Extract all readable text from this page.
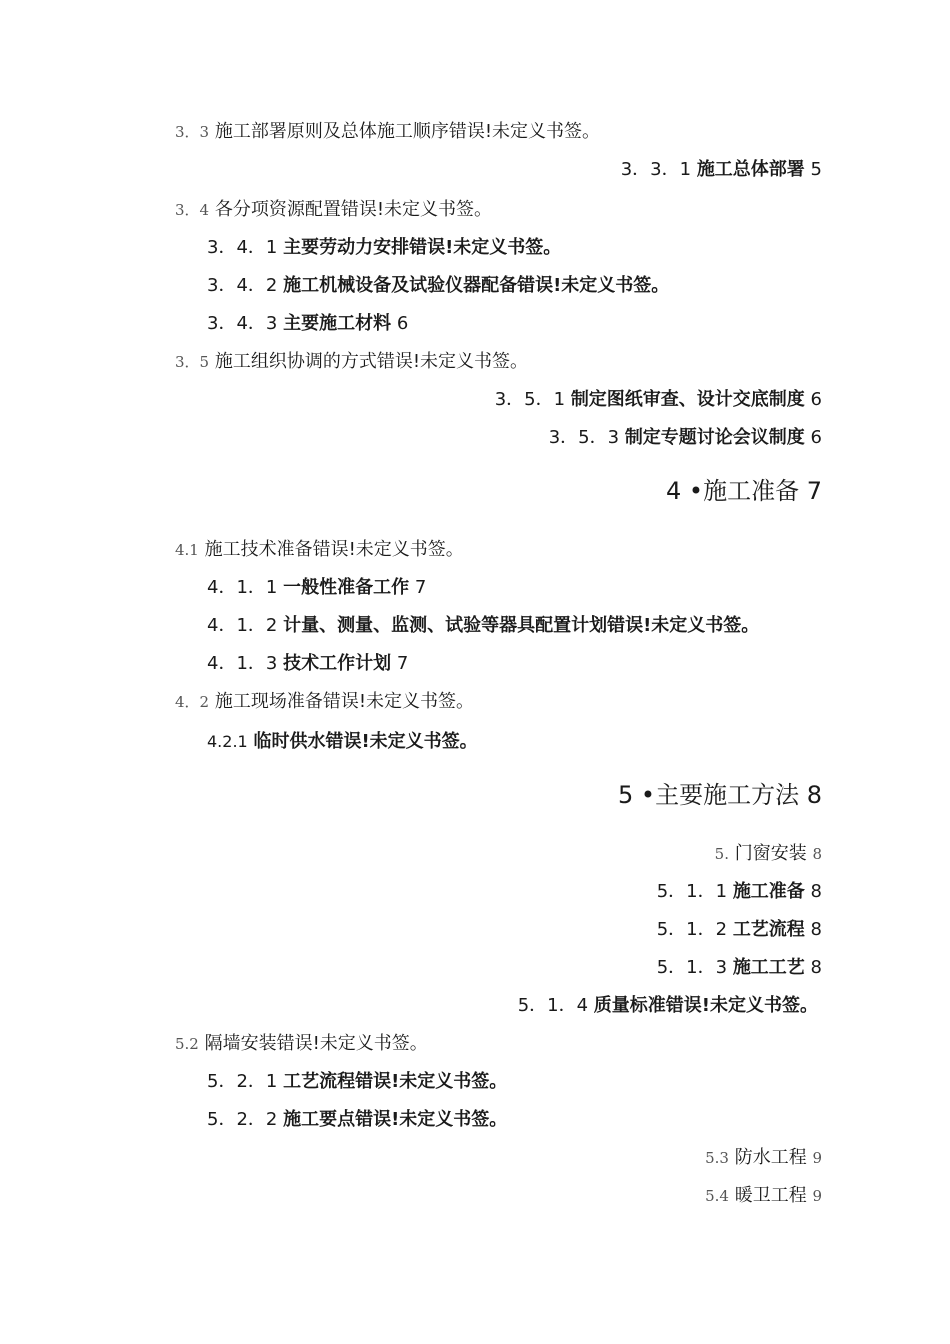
3．3 施工部署原则及总体施工顺序错误!未定义书签。
3．3．1 施工总体部署 5
3．4 各分项资源配置错误!未定义书签。
3．4．1 主要劳动力安排错误!未定义书签。
3．4．2 施工机械设备及试验仪器配备错误!未定义书签。
3．4．3 主要施工材料 6
3．5 施工组织协调的方式错误!未定义书签。
3．5．1 制定图纸审查、设计交底制度 6
3．5．3 制定专题讨论会议制度 6
4 •施工准备 7
4.1 施工技术准备错误!未定义书签。
4．1．1 一般性准备工作 7
4．1．2 计量、测量、监测、试验等器具配置计划错误!未定义书签。
4．1．3 技术工作计划 7
4．2 施工现场准备错误!未定义书签。
4.2.1 临时供水错误!未定义书签。
5 •主要施工方法 8
5. 门窗安装 8
5．1．1 施工准备 8
5．1．2 工艺流程 8
5．1．3 施工工艺 8
5．1．4 质量标准错误!未定义书签。
5.2 隔墙安装错误!未定义书签。
5．2．1 工艺流程错误!未定义书签。
5．2．2 施工要点错误!未定义书签。
5.3 防水工程 9
5.4 暖卫工程 9
